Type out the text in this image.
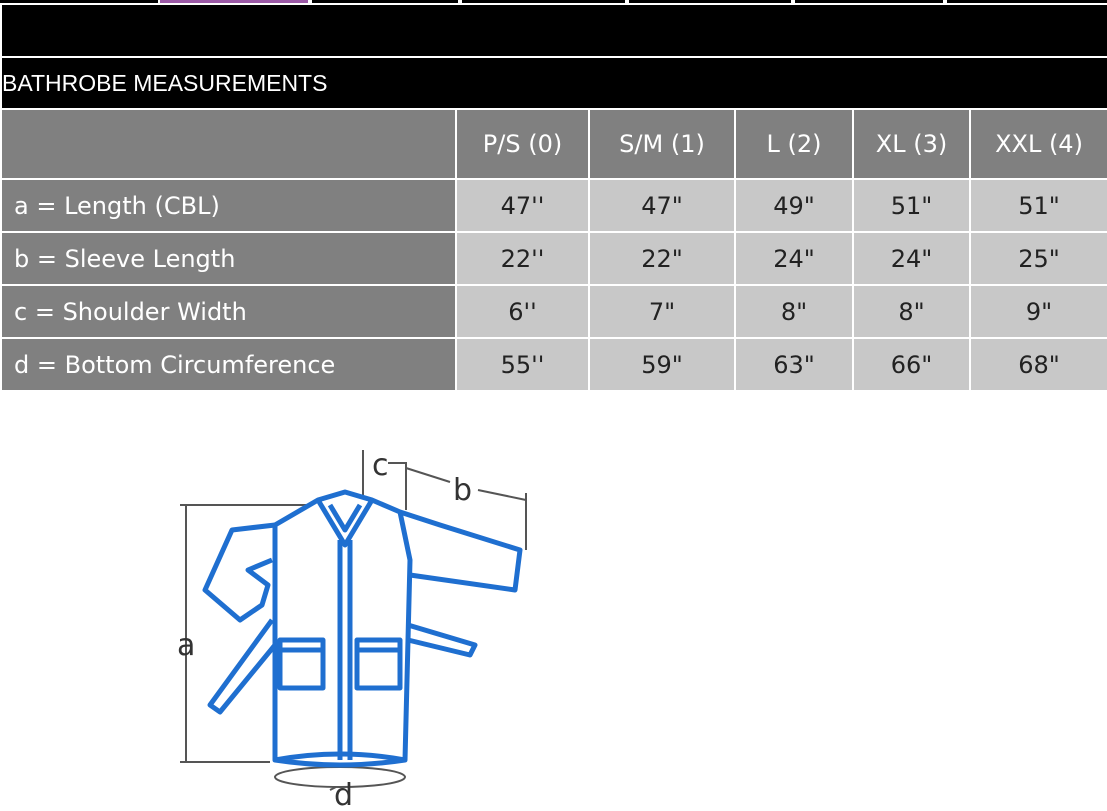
BATHROBE MEASUREMENTS					
	P/S (0)	S/M (1)	L (2)	XL (3)	XXL (4)
a = Length (CBL)	47''	47"	49"	51"	51"
b = Sleeve Length	22''	22"	24"	24"	25"
c = Shoulder Width	6''	7"	8"	8"	9"
d = Bottom Circumference	55''	59"	63"	66"	68"
a
b
c
d
